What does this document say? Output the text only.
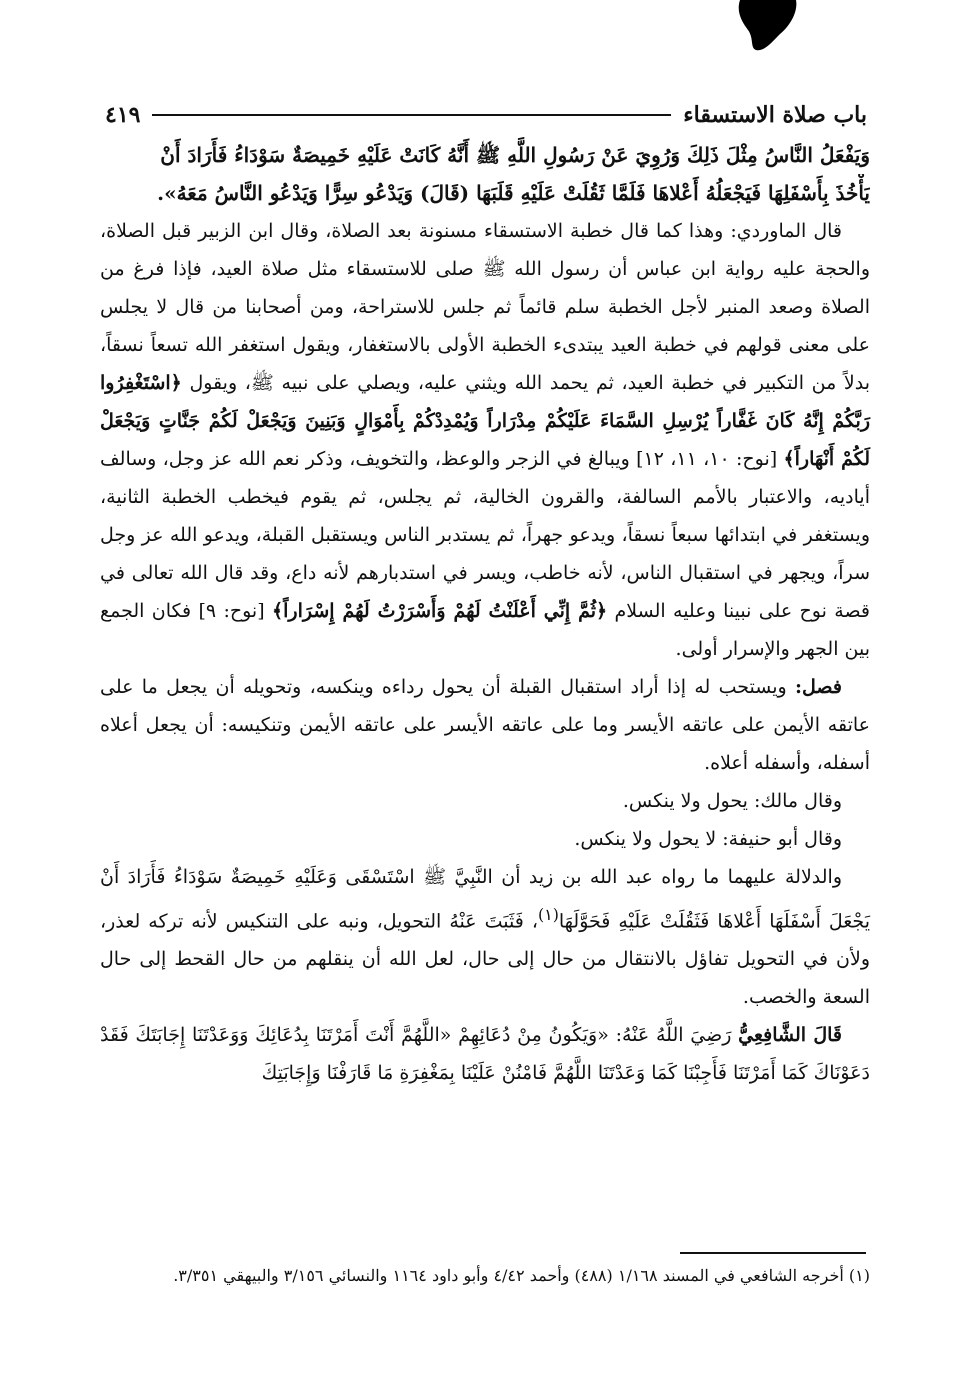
باب صلاة الاستسقاء
٤١٩
وَيَفْعَلُ النَّاسُ مِثْلَ ذَلِكَ وَرُوِيَ عَنْ رَسُولِ اللَّهِ ﷺ أَنَّهُ كَانَتْ عَلَيْهِ خَمِيصَةٌ سَوْدَاءُ فَأَرَادَ أَنْ
يَأْخُذَ بِأَسْفَلِهَا فَيَجْعَلُهُ أَعْلاهَا فَلَمَّا ثَقُلَتْ عَلَيْهِ قَلَبَهَا (قَالَ) وَيَدْعُو سِرًّا وَيَدْعُو النَّاسُ مَعَهُ».

قال الماوردي: وهذا كما قال خطبة الاستسقاء مسنونة بعد الصلاة، وقال ابن الزبير قبل الصلاة، والحجة عليه رواية ابن عباس أن رسول الله ﷺ صلى للاستسقاء مثل صلاة العيد، فإذا فرغ من الصلاة وصعد المنبر لأجل الخطبة سلم قائماً ثم جلس للاستراحة، ومن أصحابنا من قال لا يجلس على معنى قولهم في خطبة العيد يبتدىء الخطبة الأولى بالاستغفار، ويقول استغفر الله تسعاً نسقاً، بدلاً من التكبير في خطبة العيد، ثم يحمد الله ويثني عليه، ويصلي على نبيه ﷺ، ويقول ﴿اسْتَغْفِرُوا رَبَّكُمْ إِنَّهُ كَانَ غَفَّاراً يُرْسِلِ السَّمَاءَ عَلَيْكُمْ مِدْرَاراً وَيُمْدِدْكُمْ بِأَمْوَالٍ وَبَنِينَ وَيَجْعَلْ لَكُمْ جَنَّاتٍ وَيَجْعَلْ لَكُمْ أَنْهَاراً﴾ [نوح: ١٠، ١١، ١٢] ويبالغ في الزجر والوعظ، والتخويف، وذكر نعم الله عز وجل، وسالف أياديه، والاعتبار بالأمم السالفة، والقرون الخالية، ثم يجلس، ثم يقوم فيخطب الخطبة الثانية، ويستغفر في ابتدائها سبعاً نسقاً، ويدعو جهراً، ثم يستدبر الناس ويستقبل القبلة، ويدعو الله عز وجل سراً، ويجهر في استقبال الناس، لأنه خاطب، ويسر في استدبارهم لأنه داع، وقد قال الله تعالى في قصة نوح على نبينا وعليه السلام ﴿ثُمَّ إِنِّي أَعْلَنْتُ لَهُمْ وَأَسْرَرْتُ لَهُمْ إِسْرَاراً﴾ [نوح: ٩] فكان الجمع بين الجهر والإسرار أولى.

فصل: ويستحب له إذا أراد استقبال القبلة أن يحول رداءه وينكسه، وتحويله أن يجعل ما على عاتقه الأيمن على عاتقه الأيسر وما على عاتقه الأيسر على عاتقه الأيمن وتنكيسه: أن يجعل أعلاه أسفله، وأسفله أعلاه.

وقال مالك: يحول ولا ينكس.

وقال أبو حنيفة: لا يحول ولا ينكس.

والدلالة عليهما ما رواه عبد الله بن زيد أن النَّبِيَّ ﷺ اسْتَسْقَى وَعَلَيْهِ خَمِيصَةٌ سَوْدَاءُ فَأَرَادَ أَنْ يَجْعَلَ أَسْفَلَهَا أَعْلاهَا فَثَقُلَتْ عَلَيْهِ فَحَوَّلَهَا$^{(١)}$، فَثَبَتَ عَنْهُ التحويل، ونبه على التنكيس لأنه تركه لعذر، ولأن في التحويل تفاؤل بالانتقال من حال إلى حال، لعل الله أن ينقلهم من حال القحط إلى حال السعة والخصب.

قَالَ الشَّافِعِيُّ رَضِيَ اللَّهُ عَنْهُ: «وَيَكُونُ مِنْ دُعَائِهِمْ «اللَّهُمَّ أَنْتَ أَمَرْتَنَا بِدُعَائِكَ وَوَعَدْتَنَا إِجَابَتَكَ فَقَدْ دَعَوْنَاكَ كَمَا أَمَرْتَنَا فَأَجِبْنَا كَمَا وَعَدْتَنَا اللَّهُمَّ فَامْنُنْ عَلَيْنَا بِمَغْفِرَةِ مَا قَارَفْنَا وَإِجَابَتِكَ

(١) أخرجه الشافعي في المسند ١/١٦٨ (٤٨٨) وأحمد ٤/٤٢ وأبو داود ١١٦٤ والنسائي ٣/١٥٦ والبيهقي ٣/٣٥١.
